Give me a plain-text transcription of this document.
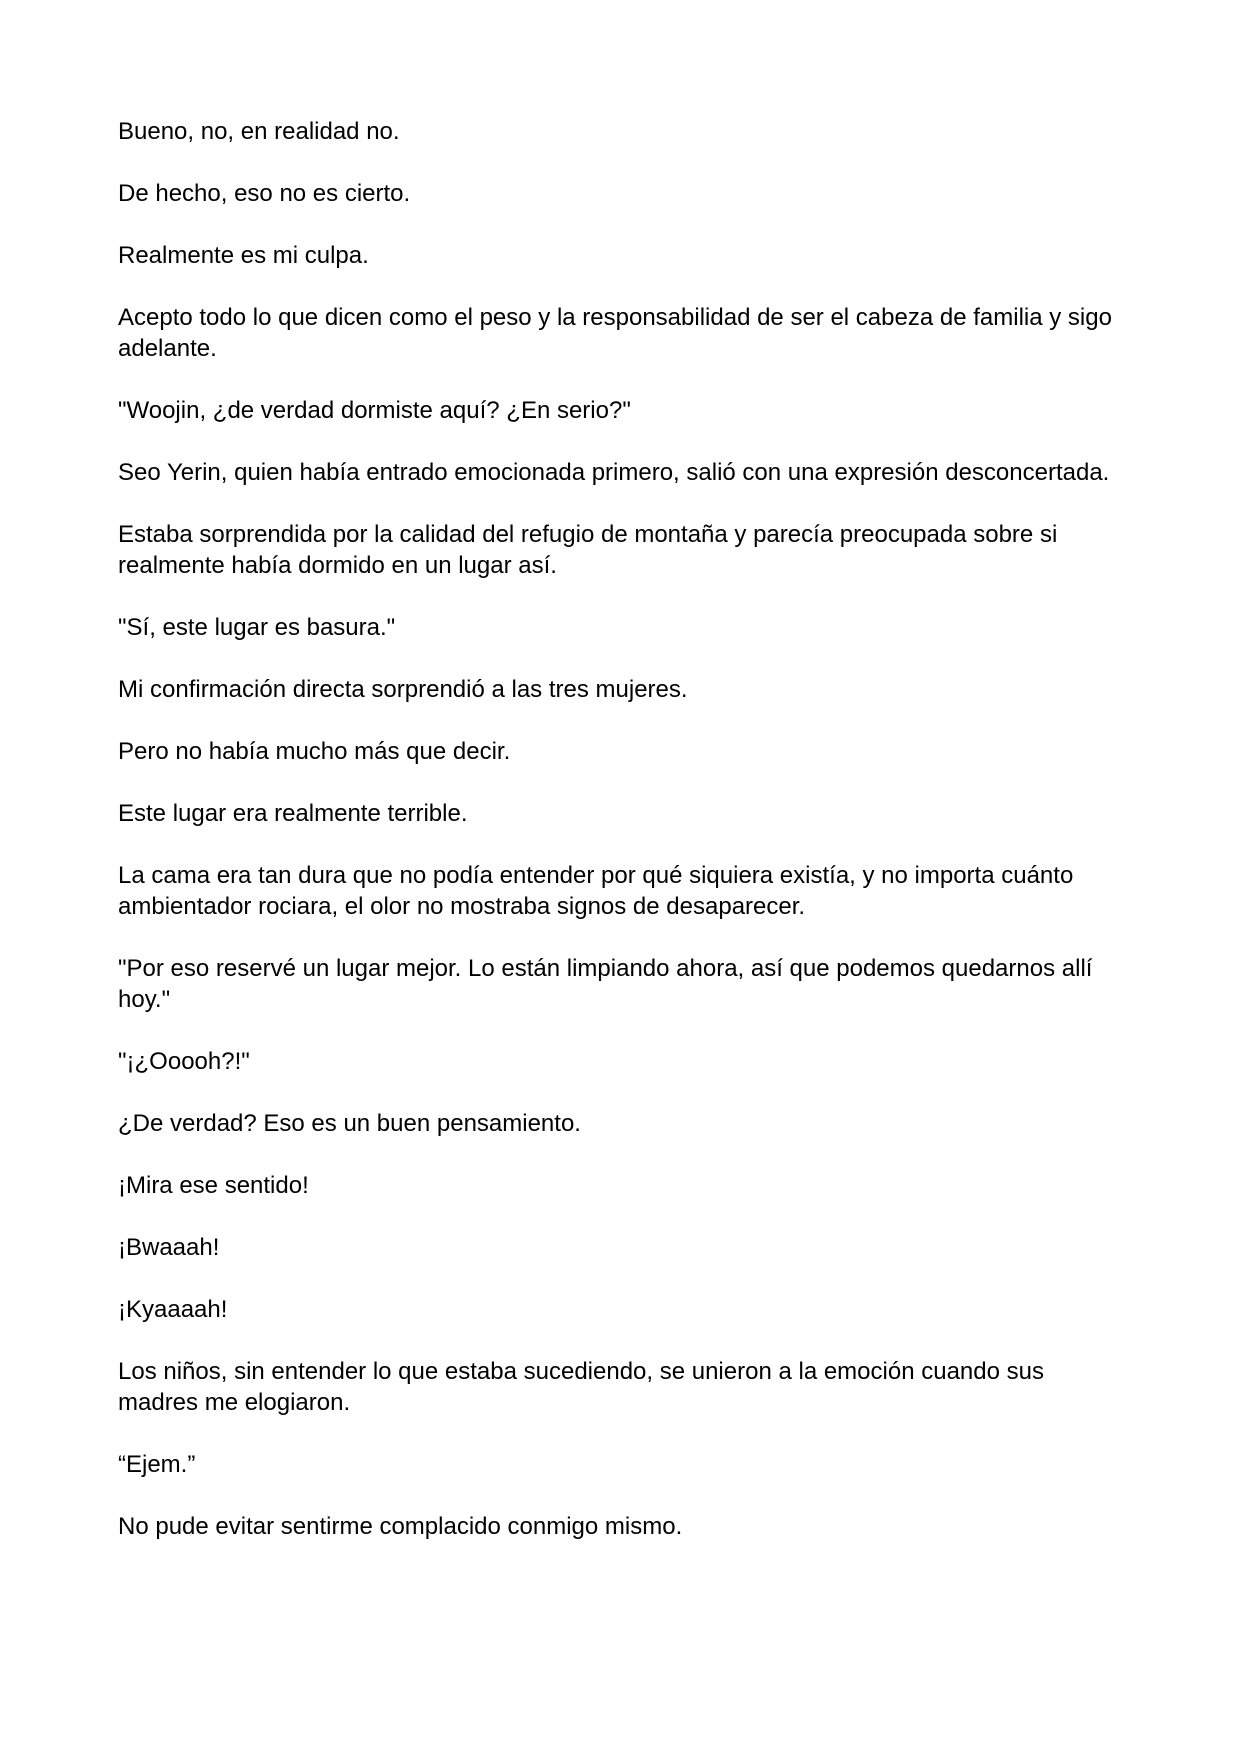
Bueno, no, en realidad no.

De hecho, eso no es cierto.

Realmente es mi culpa.

Acepto todo lo que dicen como el peso y la responsabilidad de ser el cabeza de familia y sigo adelante.

"Woojin, ¿de verdad dormiste aquí? ¿En serio?"

Seo Yerin, quien había entrado emocionada primero, salió con una expresión desconcertada.

Estaba sorprendida por la calidad del refugio de montaña y parecía preocupada sobre si realmente había dormido en un lugar así.

"Sí, este lugar es basura."

Mi confirmación directa sorprendió a las tres mujeres.

Pero no había mucho más que decir.

Este lugar era realmente terrible.

La cama era tan dura que no podía entender por qué siquiera existía, y no importa cuánto ambientador rociara, el olor no mostraba signos de desaparecer.

"Por eso reservé un lugar mejor. Lo están limpiando ahora, así que podemos quedarnos allí hoy."

"¡¿Ooooh?!"

¿De verdad? Eso es un buen pensamiento.

¡Mira ese sentido!

¡Bwaaah!

¡Kyaaaah!

Los niños, sin entender lo que estaba sucediendo, se unieron a la emoción cuando sus madres me elogiaron.

“Ejem.”

No pude evitar sentirme complacido conmigo mismo.
